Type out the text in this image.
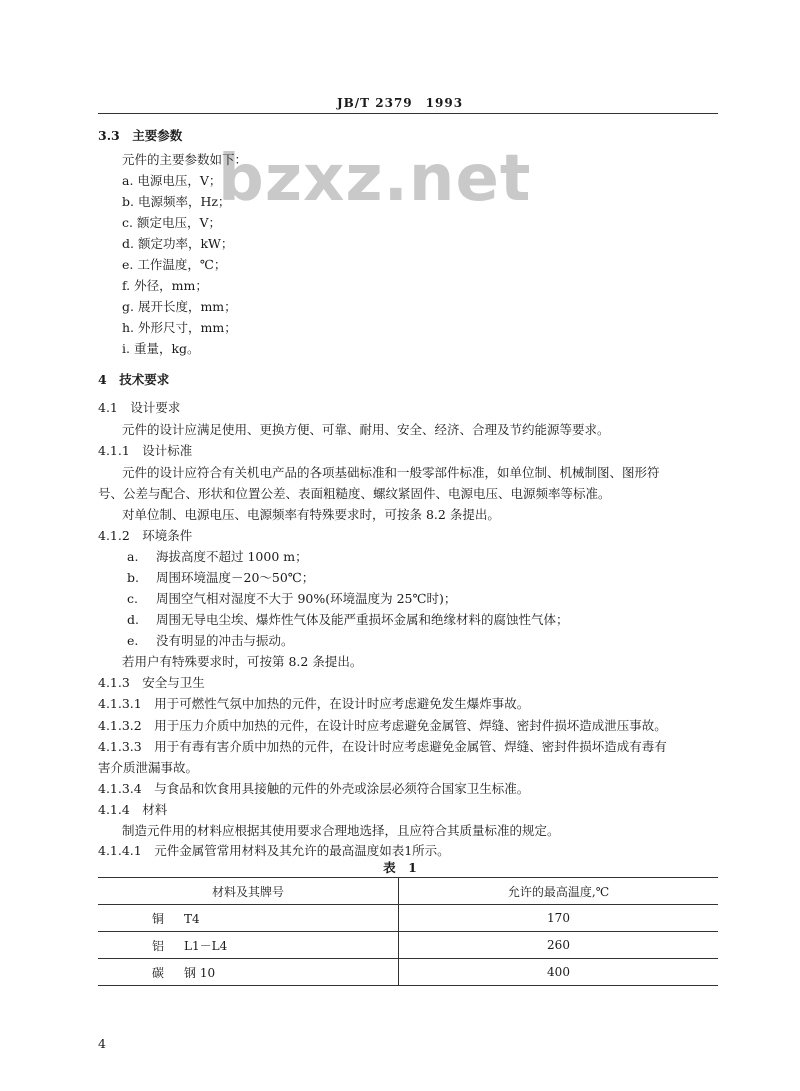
JB/T 2379　1993
bzxz.net
3.3　主要参数
元件的主要参数如下：
a. 电源电压，V；
b. 电源频率，Hz；
c. 额定电压，V；
d. 额定功率，kW；
e. 工作温度，℃；
f. 外径，mm；
g. 展开长度，mm；
h. 外形尺寸，mm；
i. 重量，kg。
4　技术要求
4.1　设计要求
元件的设计应满足使用、更换方便、可靠、耐用、安全、经济、合理及节约能源等要求。
4.1.1　设计标准
元件的设计应符合有关机电产品的各项基础标准和一般零部件标准，如单位制、机械制图、图形符
号、公差与配合、形状和位置公差、表面粗糙度、螺纹紧固件、电源电压、电源频率等标准。
对单位制、电源电压、电源频率有特殊要求时，可按条 8.2 条提出。
4.1.2　环境条件
a. 海拔高度不超过 1000 m；
b. 周围环境温度－20～50℃；
c. 周围空气相对湿度不大于 90%(环境温度为 25℃时)；
d. 周围无导电尘埃、爆炸性气体及能严重损坏金属和绝缘材料的腐蚀性气体；
e. 没有明显的冲击与振动。
若用户有特殊要求时，可按第 8.2 条提出。
4.1.3　安全与卫生
4.1.3.1　用于可燃性气氛中加热的元件，在设计时应考虑避免发生爆炸事故。
4.1.3.2　用于压力介质中加热的元件，在设计时应考虑避免金属管、焊缝、密封件损坏造成泄压事故。
4.1.3.3　用于有毒有害介质中加热的元件，在设计时应考虑避免金属管、焊缝、密封件损坏造成有毒有
害介质泄漏事故。
4.1.3.4　与食品和饮食用具接触的元件的外壳或涂层必须符合国家卫生标准。
4.1.4　材料
制造元件用的材料应根据其使用要求合理地选择，且应符合其质量标准的规定。
4.1.4.1　元件金属管常用材料及其允许的最高温度如表1所示。
表　1
材料及其牌号	允许的最高温度,℃
铜 T4	170
铝 L1－L4	260
碳 钢 10	400
4
